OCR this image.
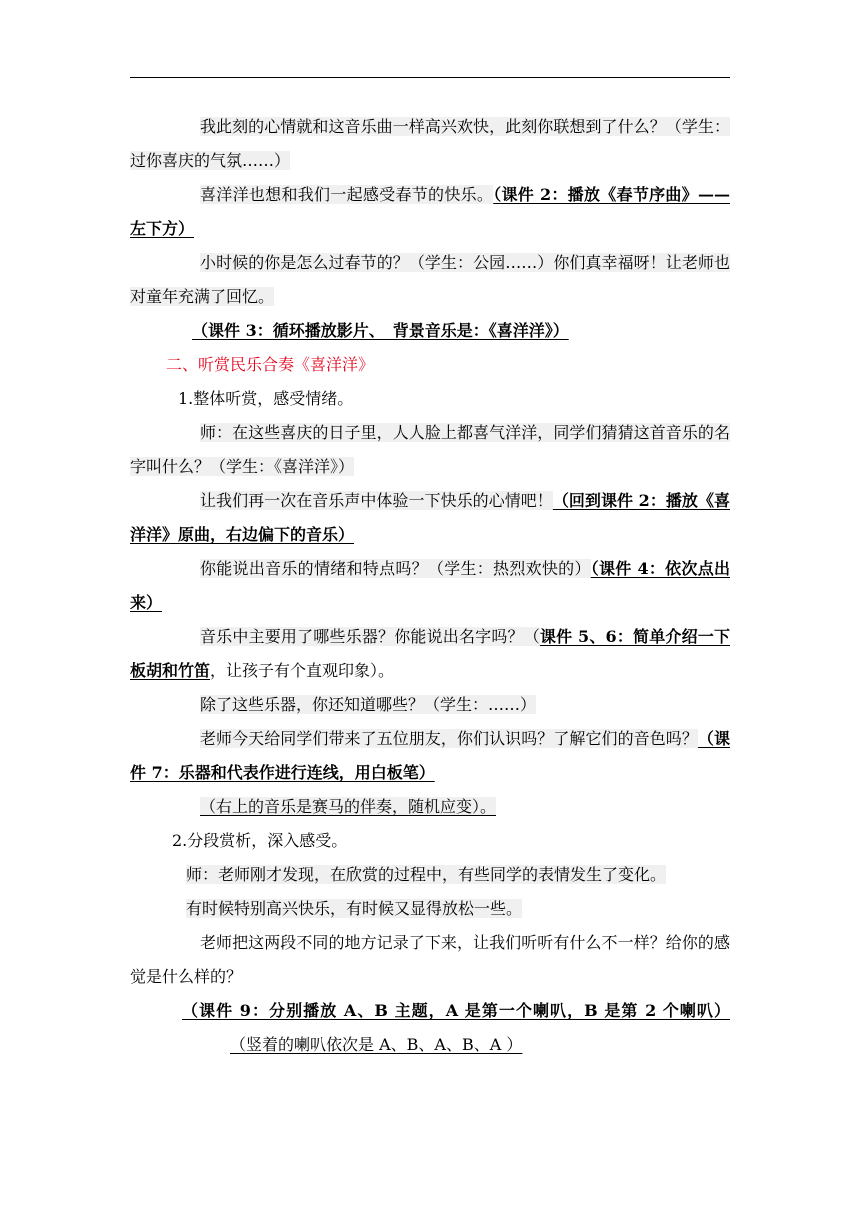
我此刻的心情就和这音乐曲一样高兴欢快，此刻你联想到了什么？（学生：过你喜庆的气氛……）

喜洋洋也想和我们一起感受春节的快乐。（课件 2：播放《春节序曲》——左下方）

小时候的你是怎么过春节的？（学生：公园……）你们真幸福呀！让老师也对童年充满了回忆。

（课件 3：循环播放影片、　背景音乐是：《喜洋洋》）

二、听赏民乐合奏《喜洋洋》

1.整体听赏，感受情绪。

师：在这些喜庆的日子里，人人脸上都喜气洋洋，同学们猜猜这首音乐的名字叫什么？（学生：《喜洋洋》）

让我们再一次在音乐声中体验一下快乐的心情吧！（回到课件 2：播放《喜洋洋》原曲，右边偏下的音乐）

你能说出音乐的情绪和特点吗？（学生：热烈欢快的）（课件 4：依次点出来）

音乐中主要用了哪些乐器？你能说出名字吗？（课件 5、6：简单介绍一下板胡和竹笛，让孩子有个直观印象）。

除了这些乐器，你还知道哪些？（学生：……）

老师今天给同学们带来了五位朋友，你们认识吗？了解它们的音色吗？（课件 7：乐器和代表作进行连线，用白板笔）

（右上的音乐是赛马的伴奏，随机应变）。

2.分段赏析，深入感受。

师：老师刚才发现，在欣赏的过程中，有些同学的表情发生了变化。

有时候特别高兴快乐，有时候又显得放松一些。

老师把这两段不同的地方记录了下来，让我们听听有什么不一样？给你的感觉是什么样的？

（课件 9：分别播放 A、B 主题，A 是第一个喇叭，B 是第 2 个喇叭）（竖着的喇叭依次是 A、B、A、B、A ）
